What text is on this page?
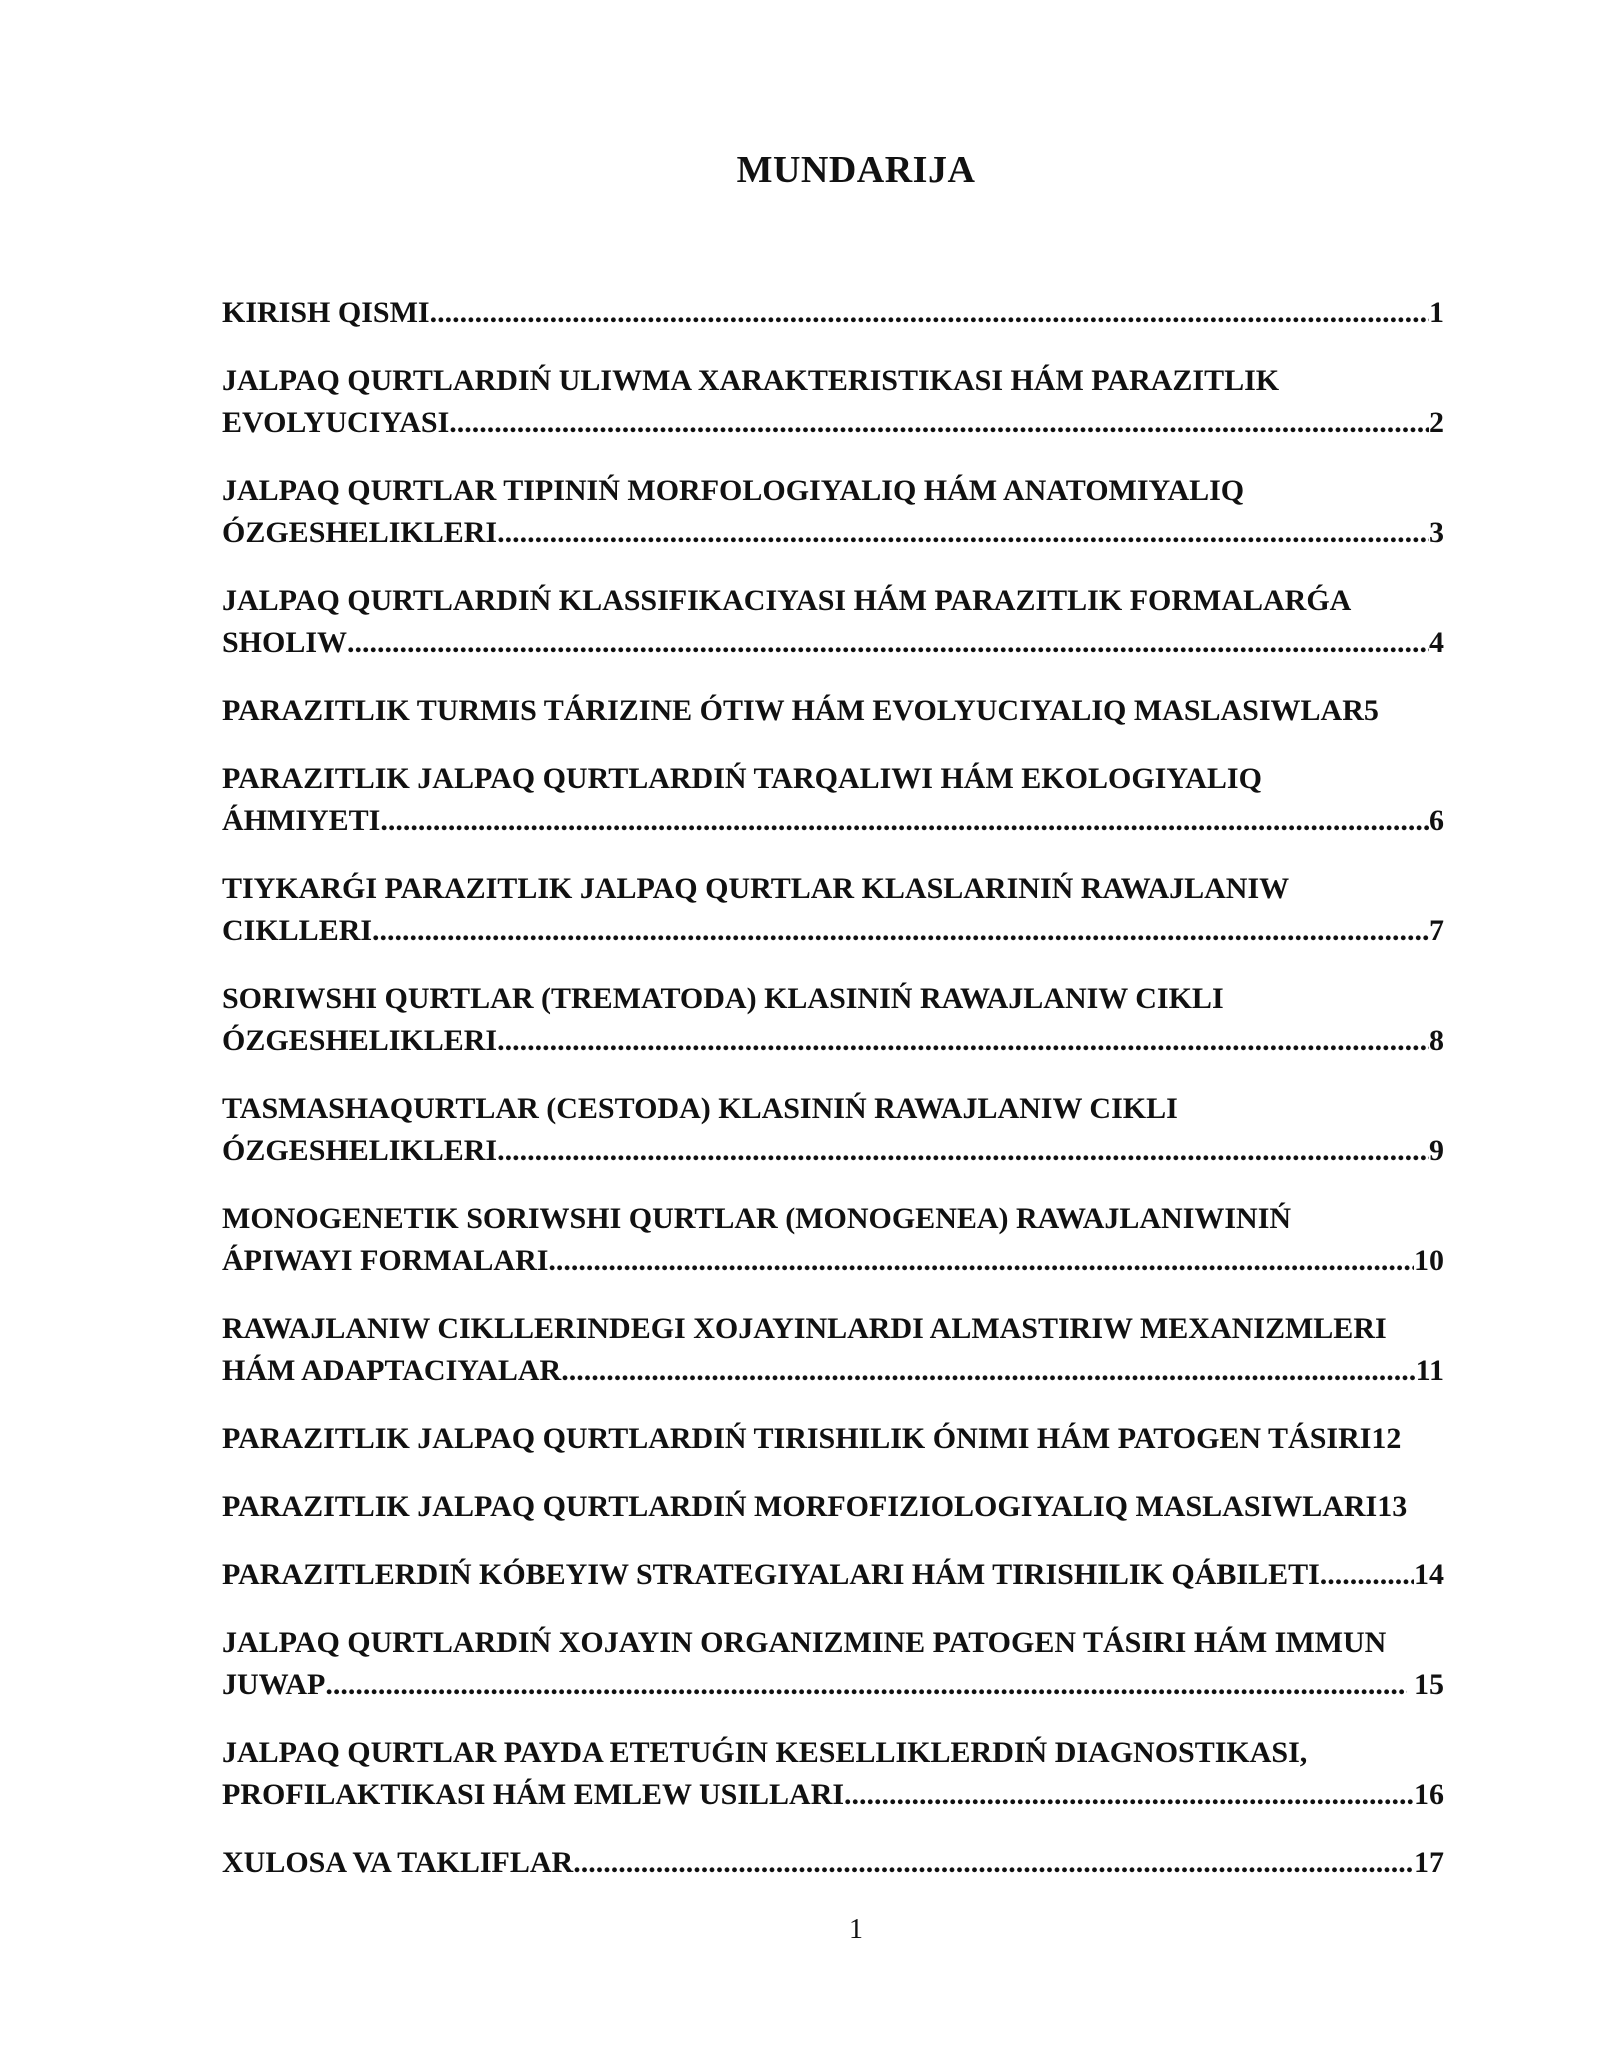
MUNDARIJA
KIRISH QISMI .....	1
JALPAQ QURTLARDIŃ ULIWMA XARAKTERISTIKASI HÁM PARAZITLIK
EVOLYUCIYASI .....	2
JALPAQ QURTLAR TIPINIŃ MORFOLOGIYALIQ HÁM ANATOMIYALIQ
ÓZGESHELIKLERI .....	3
JALPAQ QURTLARDIŃ KLASSIFIKACIYASI HÁM PARAZITLIK FORMALARǴA
SHOLIW .....	4
PARAZITLIK TURMIS TÁRIZINE ÓTIW HÁM EVOLYUCIYALIQ MASLASIWLAR 5
PARAZITLIK JALPAQ QURTLARDIŃ TARQALIWI HÁM EKOLOGIYALIQ
ÁHMIYETI .....	6
TIYKARǴI PARAZITLIK JALPAQ QURTLAR KLASLARINIŃ RAWAJLANIW
CIKLLERI .....	7
SORIWSHI QURTLAR (TREMATODA) KLASINIŃ RAWAJLANIW CIKLI
ÓZGESHELIKLERI .....	8
TASMASHAQURTLAR (CESTODA) KLASINIŃ RAWAJLANIW CIKLI
ÓZGESHELIKLERI .....	9
MONOGENETIK SORIWSHI QURTLAR (MONOGENEA) RAWAJLANIWINIŃ
ÁPIWAYI FORMALARI .....	10
RAWAJLANIW CIKLLERINDEGI XOJAYINLARDI ALMASTIRIW MEXANIZMLERI
HÁM ADAPTACIYALAR .....	11
PARAZITLIK JALPAQ QURTLARDIŃ TIRISHILIK ÓNIMI HÁM PATOGEN TÁSIRI 12
PARAZITLIK JALPAQ QURTLARDIŃ MORFOFIZIOLOGIYALIQ MASLASIWLARI 13
PARAZITLERDIŃ KÓBEYIW STRATEGIYALARI HÁM TIRISHILIK QÁBILETI .....	14
JALPAQ QURTLARDIŃ XOJAYIN ORGANIZMINE PATOGEN TÁSIRI HÁM IMMUN
JUWAP .....	15
JALPAQ QURTLAR PAYDA ETETUǴIN KESELLIKLERDIŃ DIAGNOSTIKASI,
PROFILAKTIKASI HÁM EMLEW USILLARI .....	16
XULOSA VA TAKLIFLAR .....	17
1
